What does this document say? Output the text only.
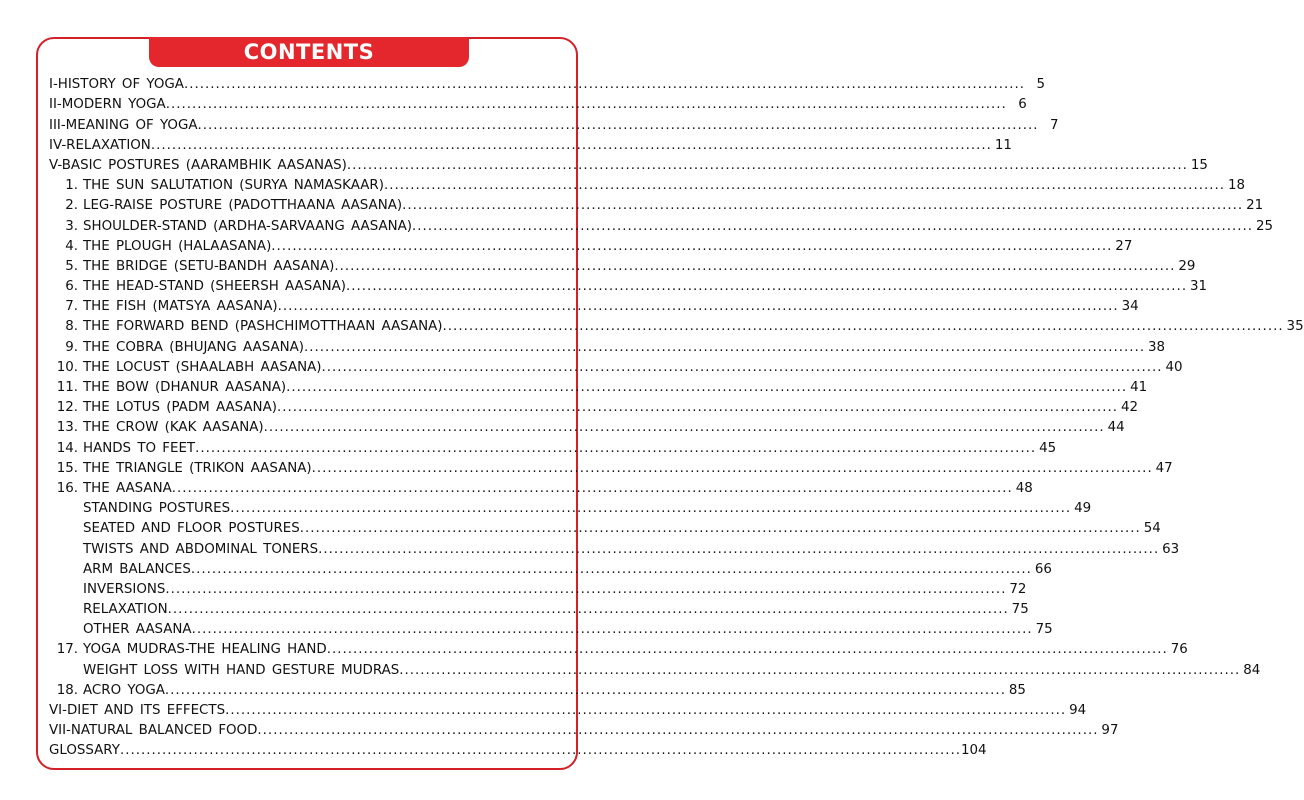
CONTENTS
I-HISTORY OF YOGA ................................................................................................................................................................ 5
II-MODERN YOGA ................................................................................................................................................................ 6
III-MEANING OF YOGA ................................................................................................................................................................ 7
IV-RELAXATION ................................................................................................................................................................ 11
V-BASIC POSTURES (AARAMBHIK AASANAS) ................................................................................................................................................................ 15
1. THE SUN SALUTATION (SURYA NAMASKAAR) ................................................................................................................................................................ 18
2. LEG-RAISE POSTURE (PADOTTHAANA AASANA) ................................................................................................................................................................ 21
3. SHOULDER-STAND (ARDHA-SARVAANG AASANA) ................................................................................................................................................................ 25
4. THE PLOUGH (HALAASANA) ................................................................................................................................................................ 27
5. THE BRIDGE (SETU-BANDH AASANA) ................................................................................................................................................................ 29
6. THE HEAD-STAND (SHEERSH AASANA) ................................................................................................................................................................ 31
7. THE FISH (MATSYA AASANA) ................................................................................................................................................................ 34
8. THE FORWARD BEND (PASHCHIMOTTHAAN AASANA) ................................................................................................................................................................ 35
9. THE COBRA (BHUJANG AASANA) ................................................................................................................................................................ 38
10. THE LOCUST (SHAALABH AASANA) ................................................................................................................................................................ 40
11. THE BOW (DHANUR AASANA) ................................................................................................................................................................ 41
12. THE LOTUS (PADM AASANA) ................................................................................................................................................................ 42
13. THE CROW (KAK AASANA) ................................................................................................................................................................ 44
14. HANDS TO FEET ................................................................................................................................................................ 45
15. THE TRIANGLE (TRIKON AASANA) ................................................................................................................................................................ 47
16. THE AASANA ................................................................................................................................................................ 48
STANDING POSTURES ................................................................................................................................................................ 49
SEATED AND FLOOR POSTURES ................................................................................................................................................................ 54
TWISTS AND ABDOMINAL TONERS ................................................................................................................................................................ 63
ARM BALANCES ................................................................................................................................................................ 66
INVERSIONS ................................................................................................................................................................ 72
RELAXATION ................................................................................................................................................................ 75
OTHER AASANA ................................................................................................................................................................ 75
17. YOGA MUDRAS-THE HEALING HAND ................................................................................................................................................................ 76
WEIGHT LOSS WITH HAND GESTURE MUDRAS ................................................................................................................................................................ 84
18. ACRO YOGA ................................................................................................................................................................ 85
VI-DIET AND ITS EFFECTS ................................................................................................................................................................ 94
VII-NATURAL BALANCED FOOD ................................................................................................................................................................ 97
GLOSSARY ................................................................................................................................................................ 104
